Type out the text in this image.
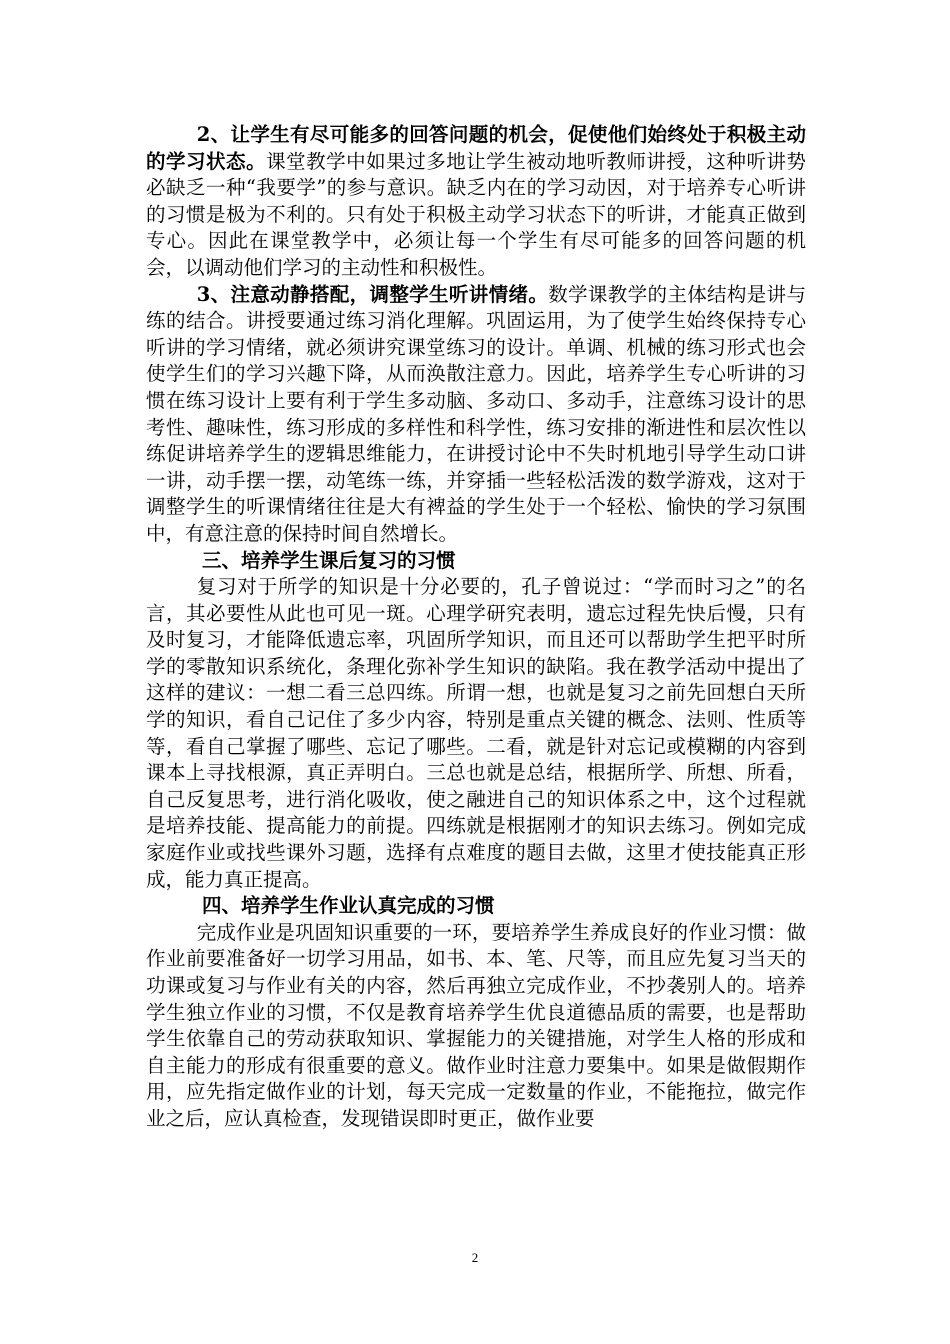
2、让学生有尽可能多的回答问题的机会，促使他们始终处于积极主动的学习状态。课堂教学中如果过多地让学生被动地听教师讲授，这种听讲势必缺乏一种“我要学”的参与意识。缺乏内在的学习动因，对于培养专心听讲的习惯是极为不利的。只有处于积极主动学习状态下的听讲，才能真正做到专心。因此在课堂教学中，必须让每一个学生有尽可能多的回答问题的机会，以调动他们学习的主动性和积极性。

3、注意动静搭配，调整学生听讲情绪。数学课教学的主体结构是讲与练的结合。讲授要通过练习消化理解。巩固运用，为了使学生始终保持专心听讲的学习情绪，就必须讲究课堂练习的设计。单调、机械的练习形式也会使学生们的学习兴趣下降，从而涣散注意力。因此，培养学生专心听讲的习惯在练习设计上要有利于学生多动脑、多动口、多动手，注意练习设计的思考性、趣味性，练习形成的多样性和科学性，练习安排的渐进性和层次性以练促讲培养学生的逻辑思维能力，在讲授讨论中不失时机地引导学生动口讲一讲，动手摆一摆，动笔练一练，并穿插一些轻松活泼的数学游戏，这对于调整学生的听课情绪往往是大有裨益的学生处于一个轻松、愉快的学习氛围中，有意注意的保持时间自然增长。

三、培养学生课后复习的习惯

复习对于所学的知识是十分必要的，孔子曾说过：“学而时习之”的名言，其必要性从此也可见一斑。心理学研究表明，遗忘过程先快后慢，只有及时复习，才能降低遗忘率，巩固所学知识，而且还可以帮助学生把平时所学的零散知识系统化，条理化弥补学生知识的缺陷。我在教学活动中提出了这样的建议：一想二看三总四练。所谓一想，也就是复习之前先回想白天所学的知识，看自己记住了多少内容，特别是重点关键的概念、法则、性质等等，看自己掌握了哪些、忘记了哪些。二看，就是针对忘记或模糊的内容到课本上寻找根源，真正弄明白。三总也就是总结，根据所学、所想、所看，自己反复思考，进行消化吸收，使之融进自己的知识体系之中，这个过程就是培养技能、提高能力的前提。四练就是根据刚才的知识去练习。例如完成家庭作业或找些课外习题，选择有点难度的题目去做，这里才使技能真正形成，能力真正提高。

四、培养学生作业认真完成的习惯

完成作业是巩固知识重要的一环，要培养学生养成良好的作业习惯：做作业前要准备好一切学习用品，如书、本、笔、尺等，而且应先复习当天的功课或复习与作业有关的内容，然后再独立完成作业，不抄袭别人的。培养学生独立作业的习惯，不仅是教育培养学生优良道德品质的需要，也是帮助学生依靠自己的劳动获取知识、掌握能力的关键措施，对学生人格的形成和自主能力的形成有很重要的意义。做作业时注意力要集中。如果是做假期作用，应先指定做作业的计划，每天完成一定数量的作业，不能拖拉，做完作业之后，应认真检查，发现错误即时更正，做作业要

2
